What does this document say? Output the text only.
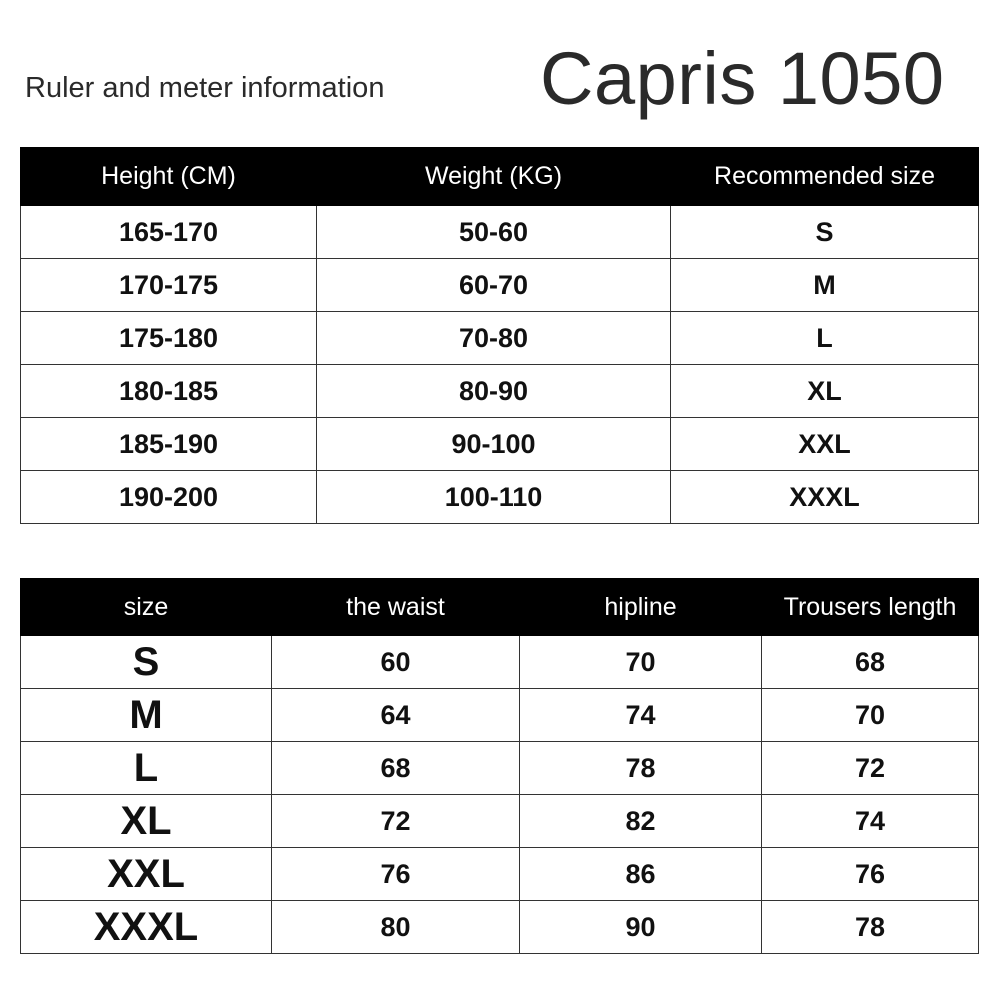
Ruler and meter information Capris 1050
Height (CM)	Weight (KG)	Recommended size
165-170	50-60	S
170-175	60-70	M
175-180	70-80	L
180-185	80-90	XL
185-190	90-100	XXL
190-200	100-110	XXXL
size	the waist	hipline	Trousers length
S	60	70	68
M	64	74	70
L	68	78	72
XL	72	82	74
XXL	76	86	76
XXXL	80	90	78
